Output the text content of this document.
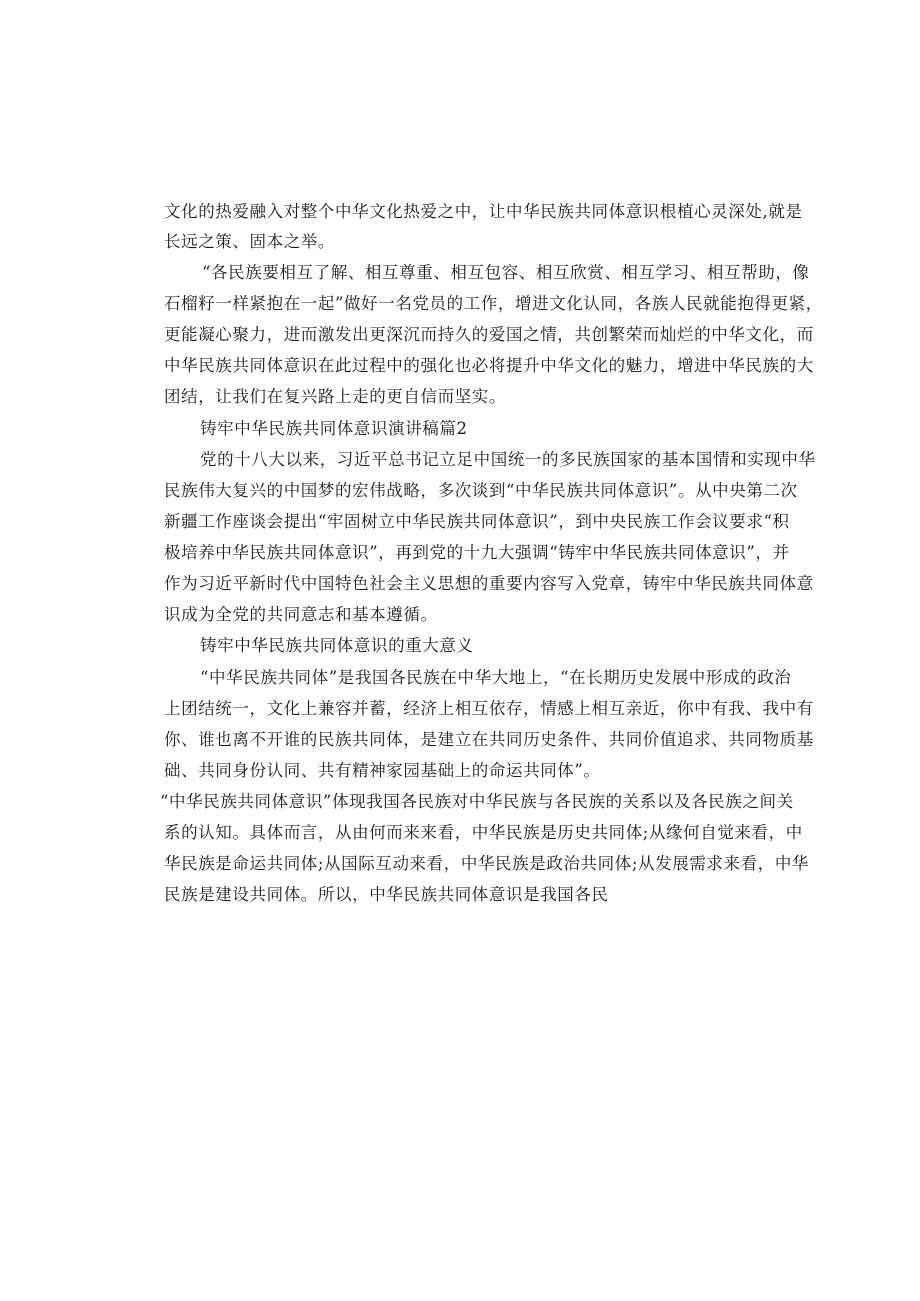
文化的热爱融入对整个中华文化热爱之中，让中华民族共同体意识根植心灵深处,就是
长远之策、固本之举。
“各民族要相互了解、相互尊重、相互包容、相互欣赏、相互学习、相互帮助，像
石榴籽一样紧抱在一起”做好一名党员的工作，增进文化认同，各族人民就能抱得更紧，
更能凝心聚力，进而激发出更深沉而持久的爱国之情，共创繁荣而灿烂的中华文化，而
中华民族共同体意识在此过程中的强化也必将提升中华文化的魅力，增进中华民族的大
团结，让我们在复兴路上走的更自信而坚实。
铸牢中华民族共同体意识演讲稿篇2
党的十八大以来，习近平总书记立足中国统一的多民族国家的基本国情和实现中华
民族伟大复兴的中国梦的宏伟战略，多次谈到“中华民族共同体意识”。从中央第二次
新疆工作座谈会提出“牢固树立中华民族共同体意识”，到中央民族工作会议要求“积
极培养中华民族共同体意识”，再到党的十九大强调“铸牢中华民族共同体意识”，并
作为习近平新时代中国特色社会主义思想的重要内容写入党章，铸牢中华民族共同体意
识成为全党的共同意志和基本遵循。
铸牢中华民族共同体意识的重大意义
“中华民族共同体”是我国各民族在中华大地上，“在长期历史发展中形成的政治
上团结统一，文化上兼容并蓄，经济上相互依存，情感上相互亲近，你中有我、我中有
你、谁也离不开谁的民族共同体，是建立在共同历史条件、共同价值追求、共同物质基
础、共同身份认同、共有精神家园基础上的命运共同体”。
“中华民族共同体意识”体现我国各民族对中华民族与各民族的关系以及各民族之间关
系的认知。具体而言，从由何而来来看，中华民族是历史共同体;从缘何自觉来看，中
华民族是命运共同体;从国际互动来看，中华民族是政治共同体;从发展需求来看，中华
民族是建设共同体。所以，中华民族共同体意识是我国各民
